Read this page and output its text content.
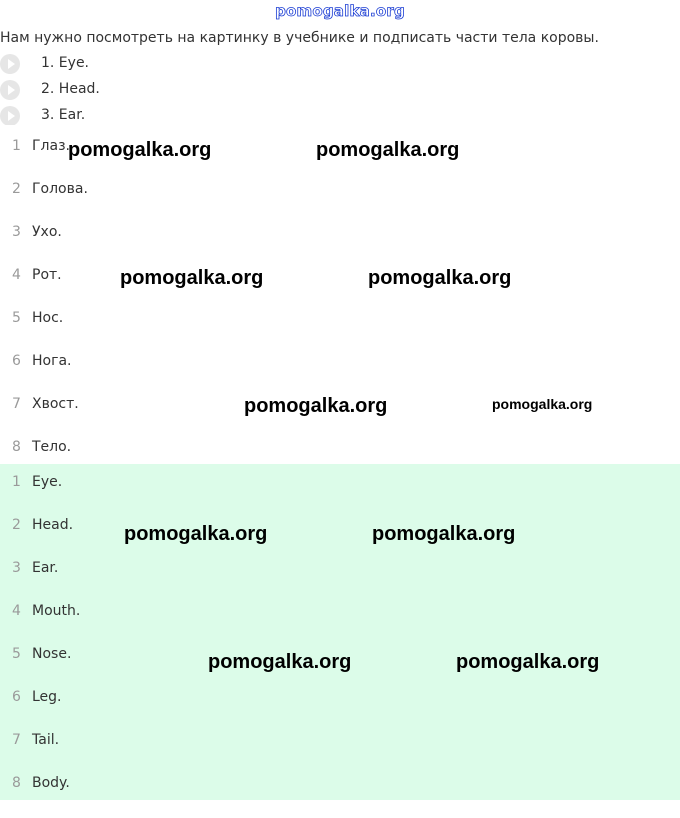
pomogalka.org
Нам нужно посмотреть на картинку в учебнике и подписать части тела коровы.
1. Eye.
2. Head.
3. Ear.
1 Глаз.
2 Голова.
3 Ухо.
4 Рот.
5 Нос.
6 Нога.
7 Хвост.
8 Тело.
1 Eye.
2 Head.
3 Ear.
4 Mouth.
5 Nose.
6 Leg.
7 Tail.
8 Body.
pomogalka.org	pomogalka.org
pomogalka.org	pomogalka.org
pomogalka.org	pomogalka.org
pomogalka.org	pomogalka.org
pomogalka.org	pomogalka.org
